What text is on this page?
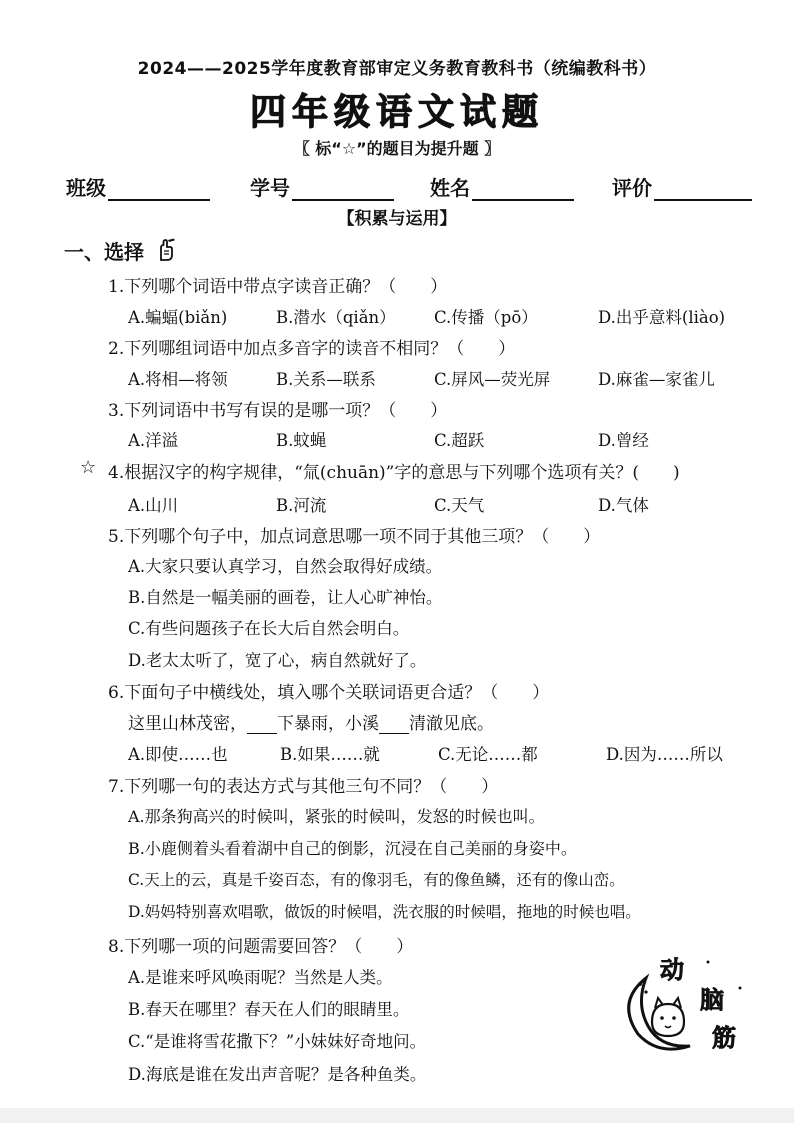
2024——2025学年度教育部审定义务教育教科书（统编教科书）
四年级语文试题
〖 标“☆”的题目为提升题 〗
班级	学号	姓名	评价
【积累与运用】
一、选择
1.下列哪个词语中带点字读音正确？（　　）
A.蝙蝠(biǎn)	B.潜水（qiǎn） C.传播（pō）	D.出乎意料(liào)
2.下列哪组词语中加点多音字的读音不相同？（　　）
A.将相—将领	B.关系—联系	C.屏风—荧光屏	D.麻雀—家雀儿
3.下列词语中书写有误的是哪一项？（　　）
A.洋溢	B.蚊蝇	C.超跃	D.曾经
☆ 4.根据汉字的构字规律，“氚(chuān)”字的意思与下列哪个选项有关？(　　)
A.山川	B.河流	C.天气	D.气体
5.下列哪个句子中，加点词意思哪一项不同于其他三项？（　　）
A.大家只要认真学习，自然会取得好成绩。
B.自然是一幅美丽的画卷，让人心旷神怡。
C.有些问题孩子在长大后自然会明白。
D.老太太听了，宽了心，病自然就好了。
6.下面句子中横线处，填入哪个关联词语更合适？（　　）
这里山林茂密， 下暴雨，小溪 清澈见底。
A.即使……也	B.如果……就	C.无论……都	D.因为……所以
7.下列哪一句的表达方式与其他三句不同？（　　）
A.那条狗高兴的时候叫，紧张的时候叫，发怒的时候也叫。
B.小鹿侧着头看着湖中自己的倒影，沉浸在自己美丽的身姿中。
C.天上的云，真是千姿百态，有的像羽毛，有的像鱼鳞，还有的像山峦。
D.妈妈特别喜欢唱歌，做饭的时候唱，洗衣服的时候唱，拖地的时候也唱。
8.下列哪一项的问题需要回答？（　　）
A.是谁来呼风唤雨呢？当然是人类。
B.春天在哪里？春天在人们的眼睛里。
C.“是谁将雪花撒下？”小妹妹好奇地问。
D.海底是谁在发出声音呢？是各种鱼类。
动
脑
筋
